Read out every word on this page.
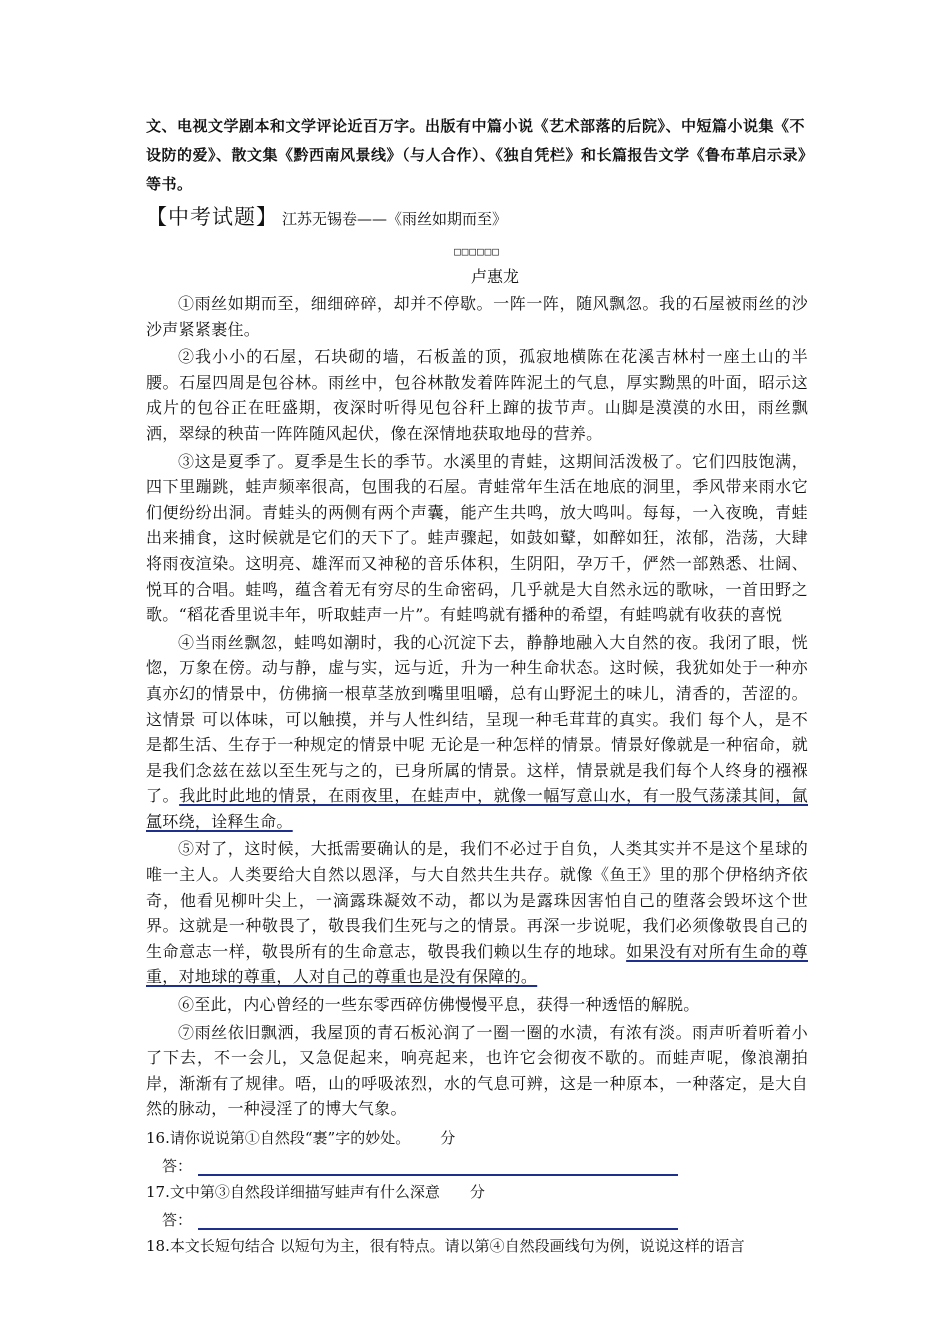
文、电视文学剧本和文学评论近百万字。出版有中篇小说《艺术部落的后院》、中短篇小说集《不设防的爱》、散文集《黔西南风景线》（与人合作）、《独自凭栏》和长篇报告文学《鲁布革启示录》等书。

【中考试题】 江苏无锡卷——《雨丝如期而至》
□□□□□□
卢惠龙

①雨丝如期而至，细细碎碎，却并不停歇。一阵一阵，随风飘忽。我的石屋被雨丝的沙沙声紧紧裹住。

②我小小的石屋，石块砌的墙，石板盖的顶，孤寂地横陈在花溪吉林村一座土山的半腰。石屋四周是包谷林。雨丝中，包谷林散发着阵阵泥土的气息，厚实黝黑的叶面，昭示这成片的包谷正在旺盛期，夜深时听得见包谷秆上蹿的拔节声。山脚是漠漠的水田，雨丝飘洒，翠绿的秧苗一阵阵随风起伏，像在深情地获取地母的营养。

③这是夏季了。夏季是生长的季节。水溪里的青蛙，这期间活泼极了。它们四肢饱满，四下里蹦跳，蛙声频率很高，包围我的石屋。青蛙常年生活在地底的洞里，季风带来雨水它们便纷纷出洞。青蛙头的两侧有两个声囊，能产生共鸣，放大鸣叫。每每，一入夜晚，青蛙出来捕食，这时候就是它们的天下了。蛙声骤起，如鼓如鼙，如醉如狂，浓郁，浩荡，大肆将雨夜渲染。这明亮、雄浑而又神秘的音乐体积，生阴阳，孕万千，俨然一部熟悉、壮阔、悦耳的合唱。蛙鸣，蕴含着无有穷尽的生命密码，几乎就是大自然永远的歌咏，一首田野之歌。“稻花香里说丰年，听取蛙声一片”。有蛙鸣就有播种的希望，有蛙鸣就有收获的喜悦

④当雨丝飘忽，蛙鸣如潮时，我的心沉淀下去，静静地融入大自然的夜。我闭了眼，恍惚，万象在傍。动与静，虚与实，远与近，升为一种生命状态。这时候，我犹如处于一种亦真亦幻的情景中，仿佛摘一根草茎放到嘴里咀嚼，总有山野泥土的味儿，清香的，苦涩的。这情景 可以体味，可以触摸，并与人性纠结，呈现一种毛茸茸的真实。我们 每个人，是不是都生活、生存于一种规定的情景中呢 无论是一种怎样的情景。情景好像就是一种宿命，就是我们念兹在兹以至生死与之的，已身所属的情景。这样，情景就是我们每个人终身的襁褓了。我此时此地的情景，在雨夜里，在蛙声中，就像一幅写意山水，有一股气荡漾其间，氤氲环绕，诠释生命。

⑤对了，这时候，大抵需要确认的是，我们不必过于自负，人类其实并不是这个星球的唯一主人。人类要给大自然以恩泽，与大自然共生共存。就像《鱼王》里的那个伊格纳齐依奇，他看见柳叶尖上，一滴露珠凝效不动，都以为是露珠因害怕自己的堕落会毁坏这个世界。这就是一种敬畏了，敬畏我们生死与之的情景。再深一步说呢，我们必须像敬畏自己的生命意志一样，敬畏所有的生命意志，敬畏我们赖以生存的地球。如果没有对所有生命的尊重，对地球的尊重，人对自己的尊重也是没有保障的。

⑥至此，内心曾经的一些东零西碎仿佛慢慢平息，获得一种透悟的解脱。

⑦雨丝依旧飘洒，我屋顶的青石板沁润了一圈一圈的水渍，有浓有淡。雨声听着听着小了下去，不一会儿，又急促起来，响亮起来，也许它会彻夜不歇的。而蛙声呢，像浪潮拍岸，渐渐有了规律。唔，山的呼吸浓烈，水的气息可辨，这是一种原本，一种落定，是大自然的脉动，一种浸淫了的博大气象。

16.请你说说第①自然段“裹”字的妙处。 分
答：
17.文中第③自然段详细描写蛙声有什么深意 分
答：
18.本文长短句结合 以短句为主，很有特点。请以第④自然段画线句为例，说说这样的语言
